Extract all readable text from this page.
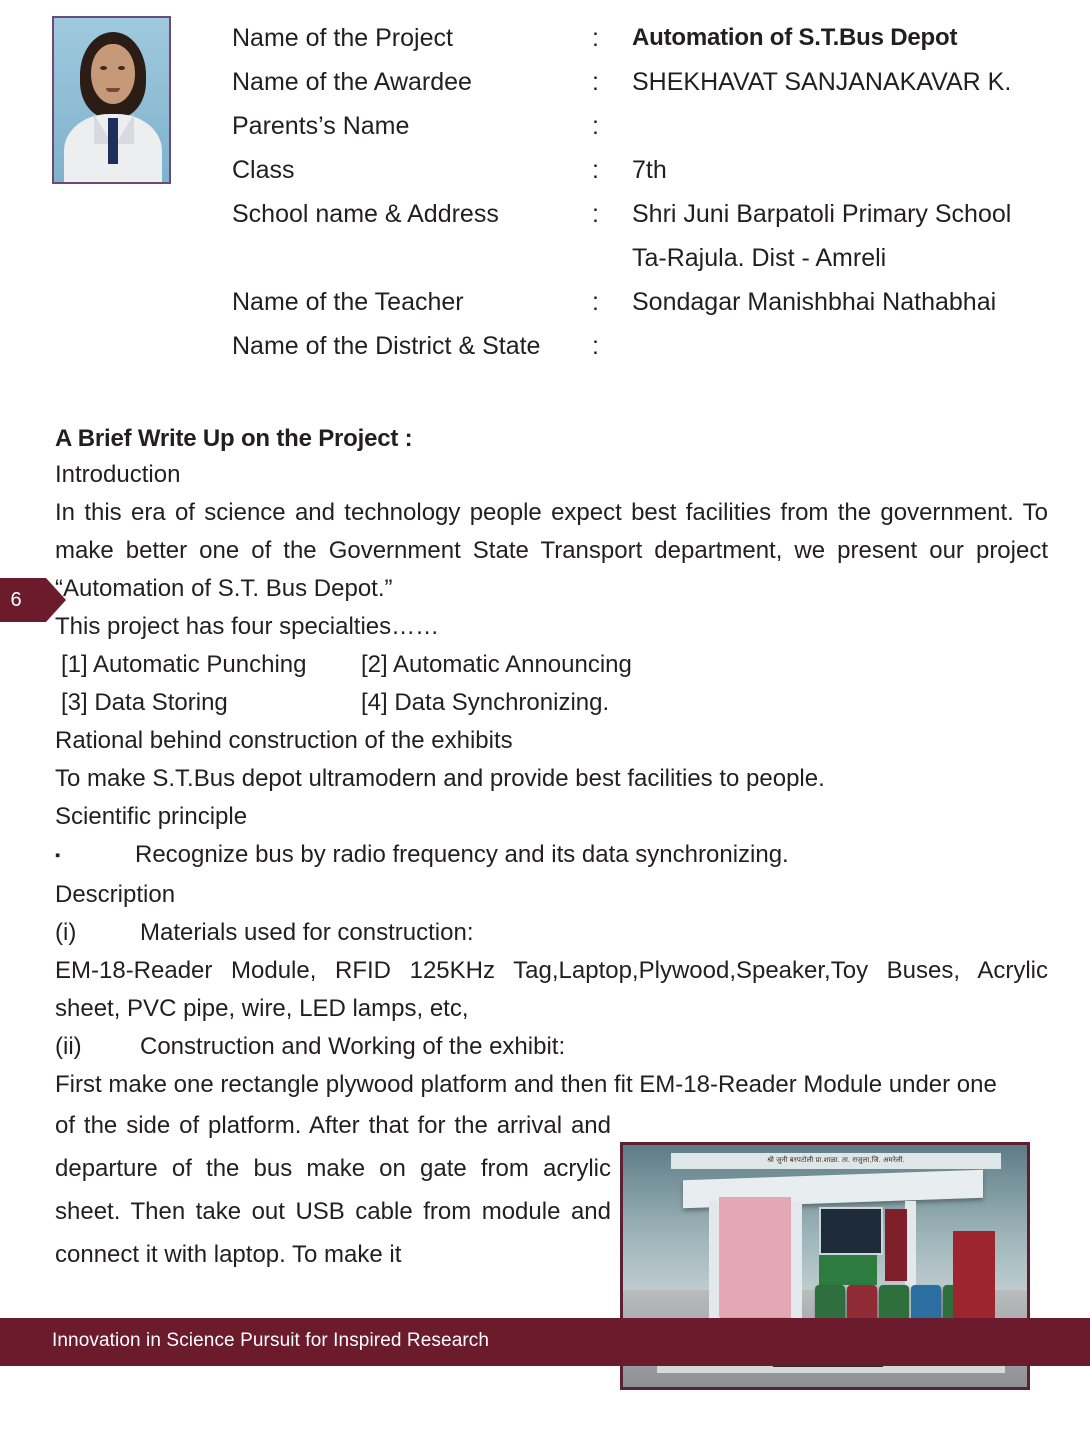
Name of the Project	:	Automation of S.T.Bus Depot
Name of the Awardee	:	SHEKHAVAT SANJANAKAVAR K.
Parents’s Name	:
Class	:	7th
School name & Address	:	Shri Juni Barpatoli Primary School
Ta-Rajula. Dist - Amreli
Name of the Teacher	:	Sondagar Manishbhai Nathabhai
Name of the District & State	:
A Brief Write Up on the Project :
Introduction

In this era of science and technology people expect best facilities from the government. To make better one of the Government State Transport department, we present our project “Automation of S.T. Bus Depot.”

This project has four specialties……
[1] Automatic Punching	[2] Automatic Announcing
[3] Data Storing	[4] Data Synchronizing.
Rational behind construction of the exhibits
To make S.T.Bus depot ultramodern and provide best facilities to people.
Scientific principle
▪	Recognize bus by radio frequency and its data synchronizing.
Description
(i)	Materials used for construction:

EM-18-Reader Module, RFID 125KHz Tag,Laptop,Plywood,Speaker,Toy Buses, Acrylic sheet, PVC pipe, wire, LED lamps, etc,

(ii)	Construction and Working of the exhibit:
First make one rectangle plywood platform and then fit EM-18-Reader Module under one
of the side of platform. After that for the arrival and departure of the bus make on gate from acrylic sheet. Then take out USB cable from module and connect it with laptop. To make it
श्री जुनी बरपटोली प्रा.शाळा. ता. राजुला,जि. अमरेली.
Innovation in Science Pursuit for Inspired Research
6
